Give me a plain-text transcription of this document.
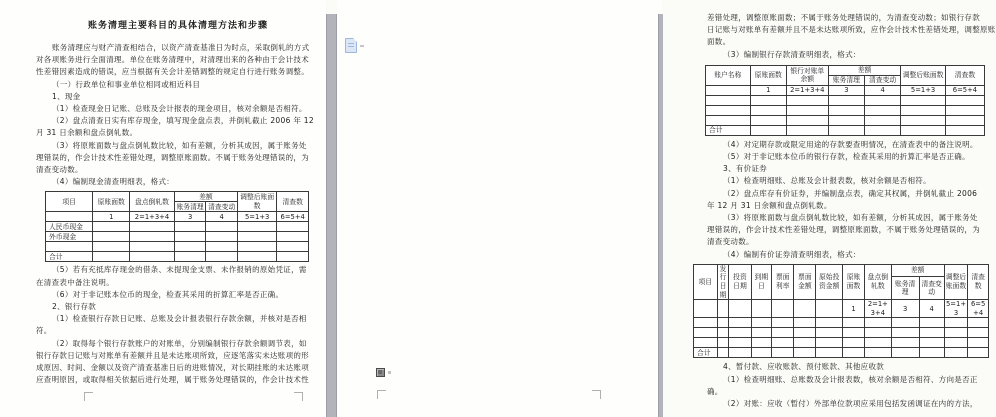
账务清理主要科目的具体清理方法和步骤
账务清理应与财产清查相结合，以资产清查基准日为时点，采取倒轧的方式
对各项账务进行全面清理。单位在账务清理中，对清理出来的各种由于会计技术
性差错因素造成的错误，应当根据有关会计差错调整的规定自行进行账务调整。
（一）行政单位和事业单位相同或相近科目
1、现金
（1）检查现金日记账、总账及会计报表的现金项目，核对余额是否相符。
（2）盘点清查日实有库存现金，填写现金盘点表，并倒轧截止 2006 年 12
月 31 日余额和盘点倒轧数。
（3）将原账面数与盘点倒轧数比较，如有差额，分析其成因，属于账务处
理错误的，作会计技术性差错处理，调整原账面数。不属于账务处理错误的，为
清查变动数。
（4）编制现金清查明细表，格式：
项目	原账面数	盘点倒轧数	差额		调整后账面数	清查数
			账务清理	清查变动		
	1	2=1+3+4	3	4	5=1+3	6=5+4
人民币现金						
外币现金						

合计						
（5）若有充抵库存现金的借条、未提现金支票、未作报销的原始凭证，需
在清查表中备注说明。
（6）对于非记账本位币的现金，检查其采用的折算汇率是否正确。
2、银行存款
（1）检查银行存款日记账、总账及会计报表银行存款余额，并核对是否相
符。
（2）取得每个银行存款账户的对账单，分别编制银行存款余额调节表，如
银行存款日记账与对账单有差额并且是未达账项所致，应逐笔落实未达账项的形
成原因、时间、金额以及资产清查基准日后的进账情况，对长期挂账的未达账项
应查明原因，或取得相关依据后进行处理，属于账务处理错误的，作会计技术性
差错处理，调整原账面数；不属于账务处理错误的，为清查变动数；如银行存款
日记账与对账单有差额并且不是未达账项所致，应作会计技术性差错处理，调整原账
面数。
（3）编制银行存款清查明细表，格式：
账户名称	原账面数	银行对账单余额	差额		调整后账面数	清查数
			账务清理	清查变动		
	1	2=1+3+4	3	4	5=1+3	6=5+4

合计						
（4）对定期存款或限定用途的存款要查明情况，在清查表中的备注说明。
（5）对于非记账本位币的银行存款，检查其采用的折算汇率是否正确。
3、有价证券
（1）检查明细账、总账及会计报表数，核对余额是否相符。
（2）盘点库存有价证券，并编制盘点表，确定其权属，并倒轧截止 2006
年 12 月 31 日余额和盘点倒轧数。
（3）将原账面数与盘点倒轧数比较，如有差额，分析其成因，属于账务处
理错误的，作会计技术性差错处理，调整原账面数，不属于账务处理错误的，为
清查变动数。
（4）编制有价证券清查明细表，格式：
项目	发行日期	投资日期	到期日	票面利率	票面金额	原始投资金额	原账面数	盘点倒轧数	差额		调整后账面数	清查数
									账务清理	清查变动		
							1	2=1+3+4	3	4	5=1+3	6=5+4

合计												
4、暂付款、应收账款、预付账款、其他应收款
（1）检查明细账、总账数及会计报表数，核对余额是否相符、方向是否正
确。
（2）对账：应收（暂付）外部单位款项应采用包括发函调证在内的方法，
